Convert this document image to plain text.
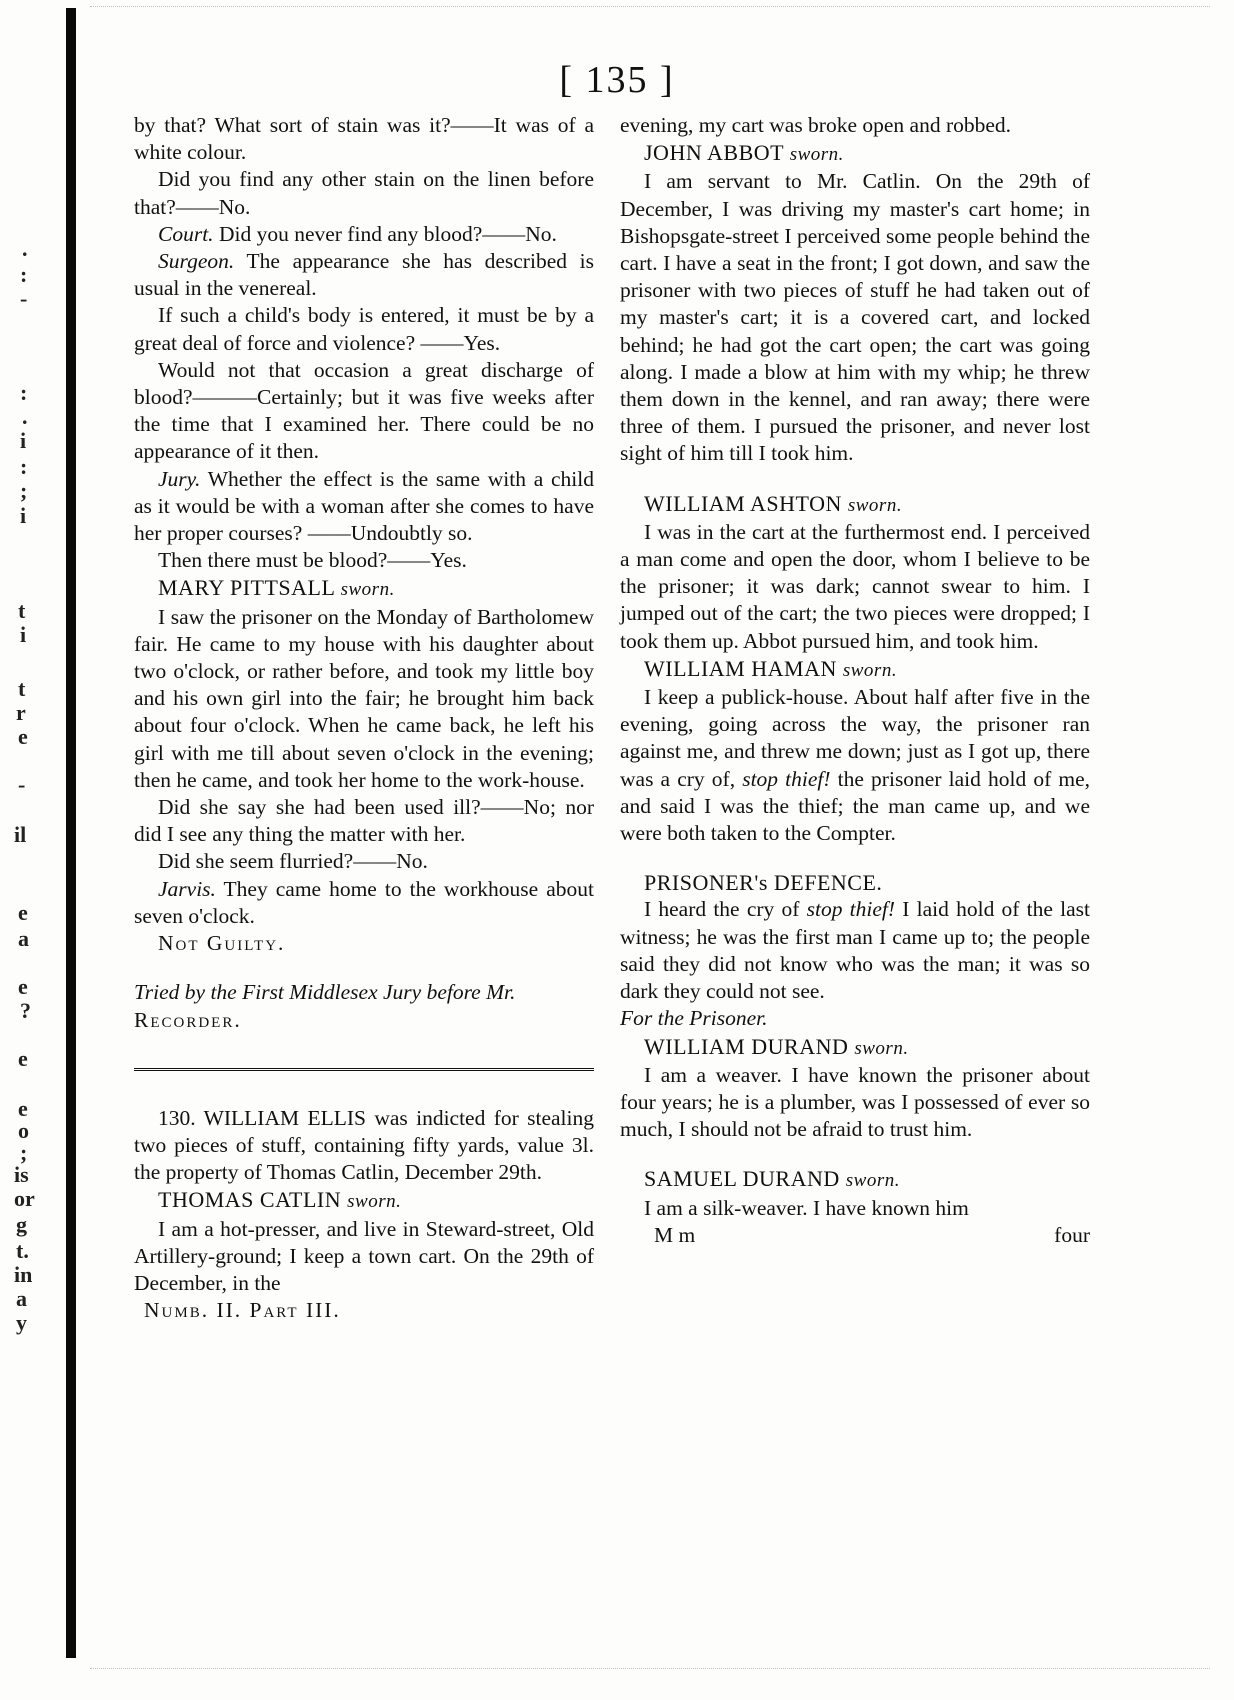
.
:
-
:
.
i
:
;
i
t
i
t
r
e
-
il
e
a
e
?
e
e
o
;
is
or
g
t.
in
a
y
[ 135 ]

by that? What sort of stain was it?——It was of a white colour.

Did you find any other stain on the linen before that?——No.

Court. Did you never find any blood?——No.

Surgeon. The appearance she has described is usual in the venereal.

If such a child's body is entered, it must be by a great deal of force and violence? ——Yes.

Would not that occasion a great discharge of blood?———Certainly; but it was five weeks after the time that I examined her. There could be no appearance of it then.

Jury. Whether the effect is the same with a child as it would be with a woman after she comes to have her proper courses? ——Undoubtly so.

Then there must be blood?——Yes.

MARY PITTSALL sworn.

I saw the prisoner on the Monday of Bartholomew fair. He came to my house with his daughter about two o'clock, or rather before, and took my little boy and his own girl into the fair; he brought him back about four o'clock. When he came back, he left his girl with me till about seven o'clock in the evening; then he came, and took her home to the work-house.

Did she say she had been used ill?——No; nor did I see any thing the matter with her.

Did she seem flurried?——No.

Jarvis. They came home to the workhouse about seven o'clock.

Not Guilty.

Tried by the First Middlesex Jury before Mr.

Recorder.

130. WILLIAM ELLIS was indicted for stealing two pieces of stuff, containing fifty yards, value 3l. the property of Thomas Catlin, December 29th.

THOMAS CATLIN sworn.

I am a hot-presser, and live in Steward-street, Old Artillery-ground; I keep a town cart. On the 29th of December, in the

Numb. II. Part III.

evening, my cart was broke open and robbed.

JOHN ABBOT sworn.

I am servant to Mr. Catlin. On the 29th of December, I was driving my master's cart home; in Bishopsgate-street I perceived some people behind the cart. I have a seat in the front; I got down, and saw the prisoner with two pieces of stuff he had taken out of my master's cart; it is a covered cart, and locked behind; he had got the cart open; the cart was going along. I made a blow at him with my whip; he threw them down in the kennel, and ran away; there were three of them. I pursued the prisoner, and never lost sight of him till I took him.

WILLIAM ASHTON sworn.

I was in the cart at the furthermost end. I perceived a man come and open the door, whom I believe to be the prisoner; it was dark; cannot swear to him. I jumped out of the cart; the two pieces were dropped; I took them up. Abbot pursued him, and took him.

WILLIAM HAMAN sworn.

I keep a publick-house. About half after five in the evening, going across the way, the prisoner ran against me, and threw me down; just as I got up, there was a cry of, stop thief! the prisoner laid hold of me, and said I was the thief; the man came up, and we were both taken to the Compter.

PRISONER's DEFENCE.

I heard the cry of stop thief! I laid hold of the last witness; he was the first man I came up to; the people said they did not know who was the man; it was so dark they could not see.

For the Prisoner.

WILLIAM DURAND sworn.

I am a weaver. I have known the prisoner about four years; he is a plumber, was I possessed of ever so much, I should not be afraid to trust him.

SAMUEL DURAND sworn.

I am a silk-weaver. I have known him

M m	four
